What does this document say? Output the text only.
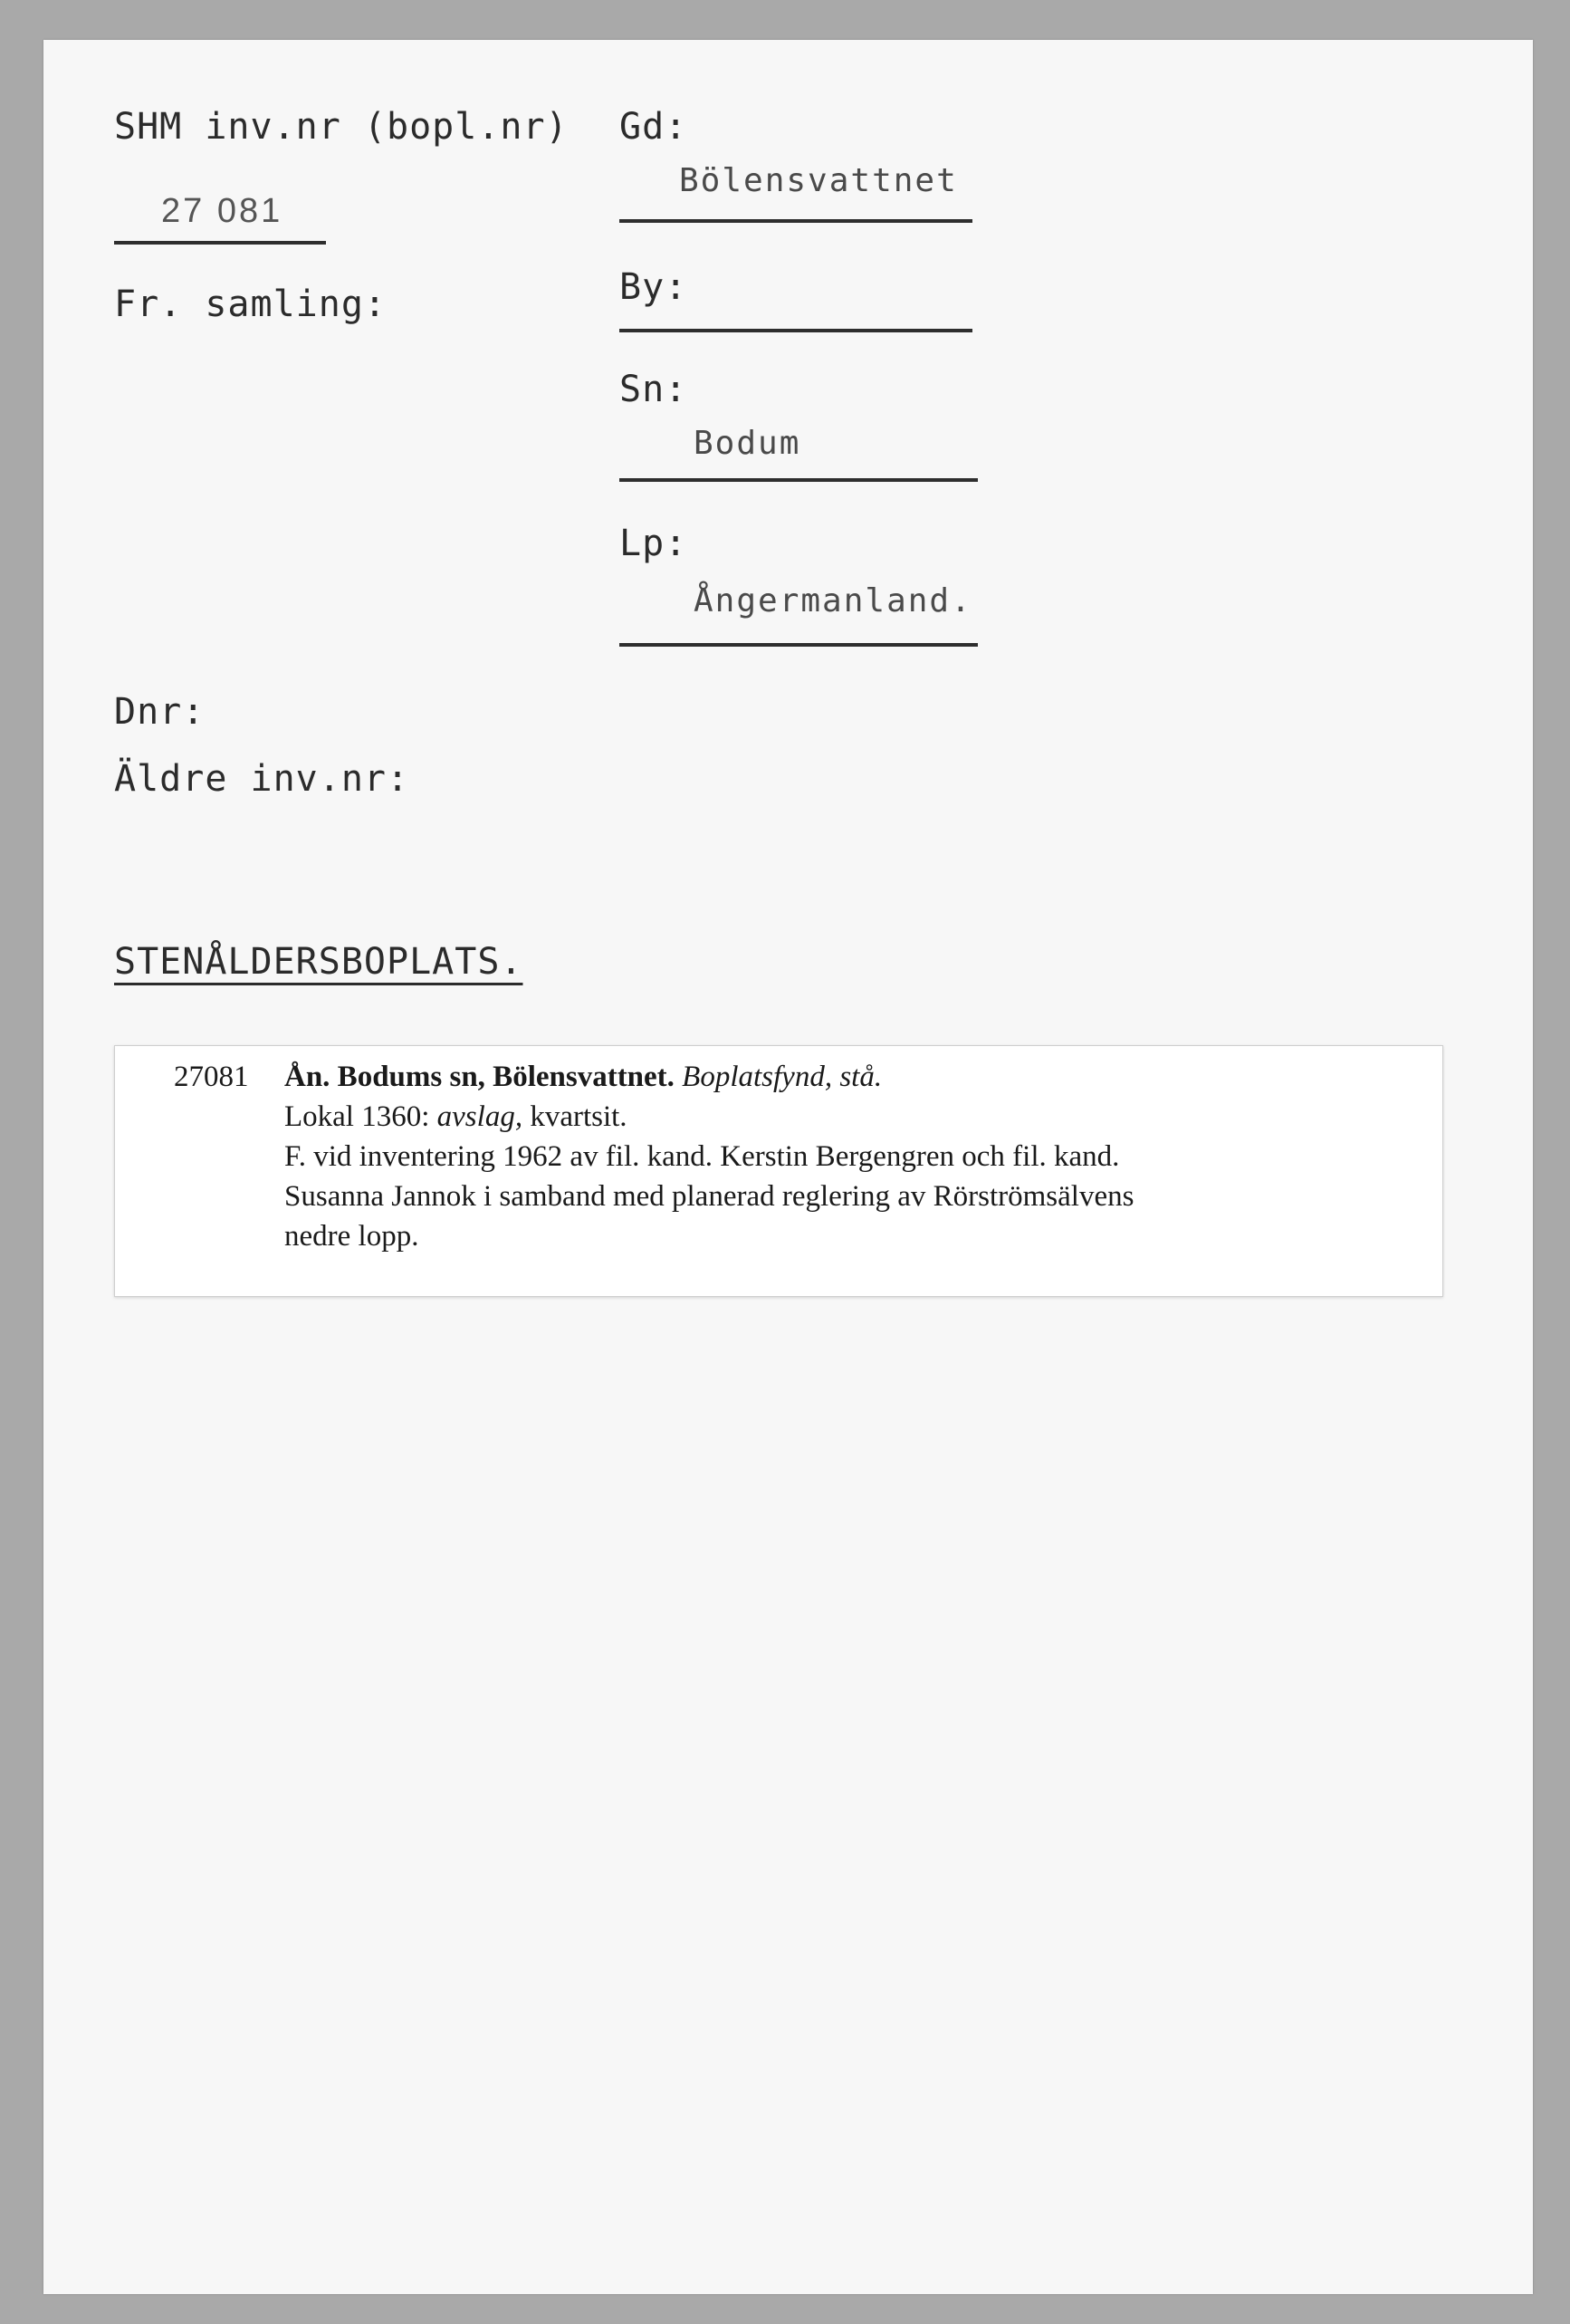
SHM inv.nr (bopl.nr)
27 081
Fr. samling:
Dnr:
Äldre inv.nr:
STENÅLDERSBOPLATS.
Gd:
Bölensvattnet
By:
Sn:
Bodum
Lp:
Ångermanland.
27081 Ån. Bodums sn, Bölensvattnet. Boplatsfynd, stå.
Lokal 1360: avslag, kvartsit.
F. vid inventering 1962 av fil. kand. Kerstin Bergengren och fil. kand.
Susanna Jannok i samband med planerad reglering av Rörströmsälvens
nedre lopp.
